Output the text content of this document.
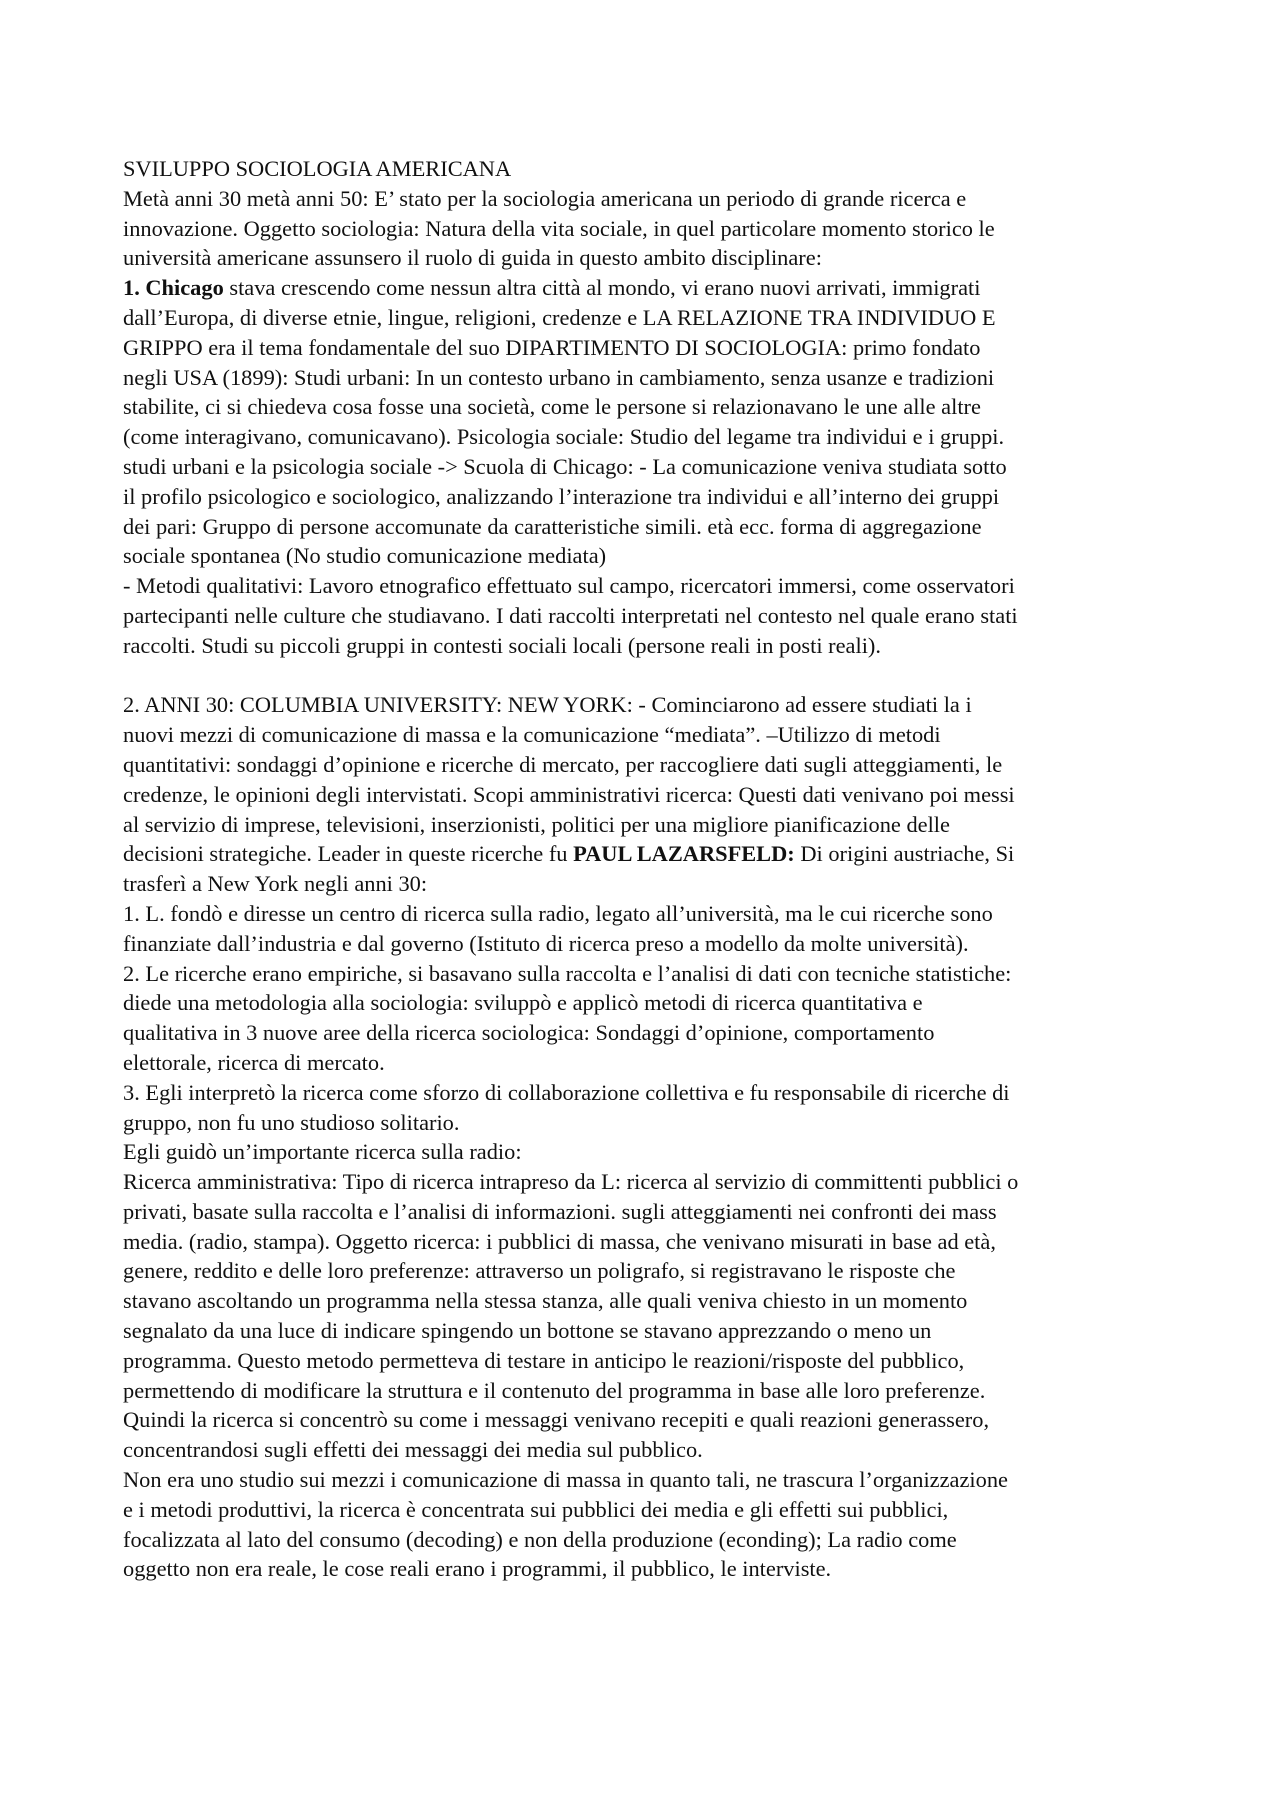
SVILUPPO SOCIOLOGIA AMERICANA
Metà anni 30 metà anni 50: E’ stato per la sociologia americana un periodo di grande ricerca e
innovazione. Oggetto sociologia: Natura della vita sociale, in quel particolare momento storico le
università americane assunsero il ruolo di guida in questo ambito disciplinare:
1. Chicago stava crescendo come nessun altra città al mondo, vi erano nuovi arrivati, immigrati
dall’Europa, di diverse etnie, lingue, religioni, credenze e LA RELAZIONE TRA INDIVIDUO E
GRIPPO era il tema fondamentale del suo DIPARTIMENTO DI SOCIOLOGIA: primo fondato
negli USA (1899): Studi urbani: In un contesto urbano in cambiamento, senza usanze e tradizioni
stabilite, ci si chiedeva cosa fosse una società, come le persone si relazionavano le une alle altre
(come interagivano, comunicavano). Psicologia sociale: Studio del legame tra individui e i gruppi.
studi urbani e la psicologia sociale -> Scuola di Chicago: - La comunicazione veniva studiata sotto
il profilo psicologico e sociologico, analizzando l’interazione tra individui e all’interno dei gruppi
dei pari: Gruppo di persone accomunate da caratteristiche simili. età ecc. forma di aggregazione
sociale spontanea (No studio comunicazione mediata)
- Metodi qualitativi: Lavoro etnografico effettuato sul campo, ricercatori immersi, come osservatori
partecipanti nelle culture che studiavano. I dati raccolti interpretati nel contesto nel quale erano stati
raccolti. Studi su piccoli gruppi in contesti sociali locali (persone reali in posti reali).
2. ANNI 30: COLUMBIA UNIVERSITY: NEW YORK: - Cominciarono ad essere studiati la i
nuovi mezzi di comunicazione di massa e la comunicazione “mediata”. –Utilizzo di metodi
quantitativi: sondaggi d’opinione e ricerche di mercato, per raccogliere dati sugli atteggiamenti, le
credenze, le opinioni degli intervistati. Scopi amministrativi ricerca: Questi dati venivano poi messi
al servizio di imprese, televisioni, inserzionisti, politici per una migliore pianificazione delle
decisioni strategiche. Leader in queste ricerche fu PAUL LAZARSFELD: Di origini austriache, Si
trasferì a New York negli anni 30:
1. L. fondò e diresse un centro di ricerca sulla radio, legato all’università, ma le cui ricerche sono
finanziate dall’industria e dal governo (Istituto di ricerca preso a modello da molte università).
2. Le ricerche erano empiriche, si basavano sulla raccolta e l’analisi di dati con tecniche statistiche:
diede una metodologia alla sociologia: sviluppò e applicò metodi di ricerca quantitativa e
qualitativa in 3 nuove aree della ricerca sociologica: Sondaggi d’opinione, comportamento
elettorale, ricerca di mercato.
3. Egli interpretò la ricerca come sforzo di collaborazione collettiva e fu responsabile di ricerche di
gruppo, non fu uno studioso solitario.
Egli guidò un’importante ricerca sulla radio:
Ricerca amministrativa: Tipo di ricerca intrapreso da L: ricerca al servizio di committenti pubblici o
privati, basate sulla raccolta e l’analisi di informazioni. sugli atteggiamenti nei confronti dei mass
media. (radio, stampa). Oggetto ricerca: i pubblici di massa, che venivano misurati in base ad età,
genere, reddito e delle loro preferenze: attraverso un poligrafo, si registravano le risposte che
stavano ascoltando un programma nella stessa stanza, alle quali veniva chiesto in un momento
segnalato da una luce di indicare spingendo un bottone se stavano apprezzando o meno un
programma. Questo metodo permetteva di testare in anticipo le reazioni/risposte del pubblico,
permettendo di modificare la struttura e il contenuto del programma in base alle loro preferenze.
Quindi la ricerca si concentrò su come i messaggi venivano recepiti e quali reazioni generassero,
concentrandosi sugli effetti dei messaggi dei media sul pubblico.
Non era uno studio sui mezzi i comunicazione di massa in quanto tali, ne trascura l’organizzazione
e i metodi produttivi, la ricerca è concentrata sui pubblici dei media e gli effetti sui pubblici,
focalizzata al lato del consumo (decoding) e non della produzione (econding); La radio come
oggetto non era reale, le cose reali erano i programmi, il pubblico, le interviste.
